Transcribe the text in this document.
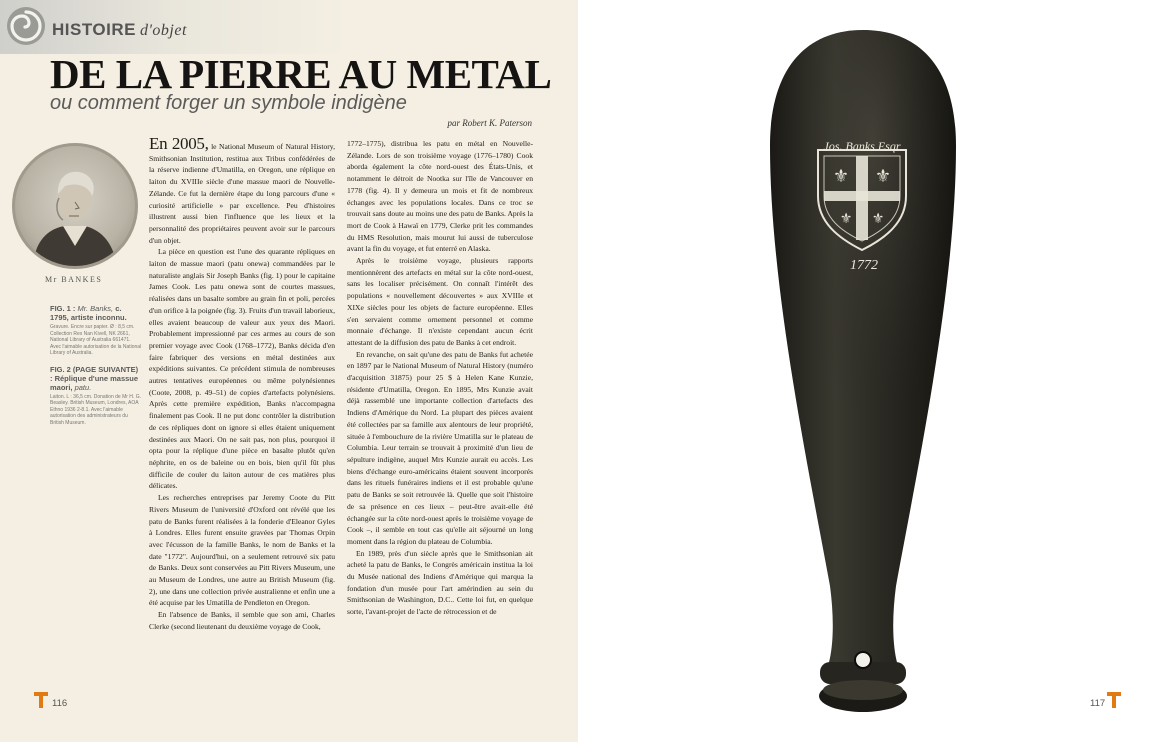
HISTOIRE d'objet
DE LA PIERRE AU METAL
ou comment forger un symbole indigène
par Robert K. Paterson
Mr BANKES
FIG. 1 : Mr. Banks, c. 1795, artiste inconnu.
Gravure. Encre sur papier. Ø : 8,5 cm. Collection Rex Nan Kivell, NK 2661, National Library of Australia 661471. Avec l'aimable autorisation de la National Library of Australia.
FIG. 2 (PAGE SUIVANTE) : Réplique d'une massue maori, patu.
Laiton. L : 36,5 cm. Donation de Mr H. G. Beasley. British Museum, Londres, AOA Ethno 1936 2-8.1. Avec l'aimable autorisation des administrateurs du British Museum.

En 2005, le National Museum of Natural History, Smithsonian Institution, restitua aux Tribus confédérées de la réserve indienne d'Umatilla, en Oregon, une réplique en laiton du XVIIIe siècle d'une massue maori de Nouvelle-Zélande. Ce fut la dernière étape du long parcours d'une « curiosité artificielle » par excellence. Peu d'histoires illustrent aussi bien l'influence que les lieux et la personnalité des propriétaires peuvent avoir sur le parcours d'un objet.

La pièce en question est l'une des quarante répliques en laiton de massue maori (patu onewa) commandées par le naturaliste anglais Sir Joseph Banks (fig. 1) pour le capitaine James Cook. Les patu onewa sont de courtes massues, réalisées dans un basalte sombre au grain fin et poli, percées d'un orifice à la poignée (fig. 3). Fruits d'un travail laborieux, elles avaient beaucoup de valeur aux yeux des Maori. Probablement impressionné par ces armes au cours de son premier voyage avec Cook (1768–1772), Banks décida d'en faire fabriquer des versions en métal destinées aux expéditions suivantes. Ce précédent stimula de nombreuses autres tentatives européennes ou même polynésiennes (Coote, 2008, p. 49–51) de copies d'artefacts polynésiens. Après cette première expédition, Banks n'accompagna finalement pas Cook. Il ne put donc contrôler la distribution de ces répliques dont on ignore si elles étaient uniquement destinées aux Maori. On ne sait pas, non plus, pourquoi il opta pour la réplique d'une pièce en basalte plutôt qu'en néphrite, en os de baleine ou en bois, bien qu'il fût plus difficile de couler du laiton autour de ces matières plus délicates.

Les recherches entreprises par Jeremy Coote du Pitt Rivers Museum de l'université d'Oxford ont révélé que les patu de Banks furent réalisées à la fonderie d'Eleanor Gyles à Londres. Elles furent ensuite gravées par Thomas Orpin avec l'écusson de la famille Banks, le nom de Banks et la date "1772". Aujourd'hui, on a seulement retrouvé six patu de Banks. Deux sont conservées au Pitt Rivers Museum, une au Museum de Londres, une autre au British Museum (fig. 2), une dans une collection privée australienne et enfin une a été acquise par les Umatilla de Pendleton en Oregon.

En l'absence de Banks, il semble que son ami, Charles Clerke (second lieutenant du deuxième voyage de Cook,

1772–1775), distribua les patu en métal en Nouvelle-Zélande. Lors de son troisième voyage (1776–1780) Cook aborda également la côte nord-ouest des États-Unis, et notamment le détroit de Nootka sur l'île de Vancouver en 1778 (fig. 4). Il y demeura un mois et fit de nombreux échanges avec les populations locales. Dans ce troc se trouvait sans doute au moins une des patu de Banks. Après la mort de Cook à Hawaï en 1779, Clerke prit les commandes du HMS Resolution, mais mourut lui aussi de tuberculose avant la fin du voyage, et fut enterré en Alaska.

Après le troisième voyage, plusieurs rapports mentionnèrent des artefacts en métal sur la côte nord-ouest, sans les localiser précisément. On connaît l'intérêt des populations « nouvellement découvertes » aux XVIIIe et XIXe siècles pour les objets de facture européenne. Elles s'en servaient comme ornement personnel et comme monnaie d'échange. Il n'existe cependant aucun écrit attestant de la diffusion des patu de Banks à cet endroit.

En revanche, on sait qu'une des patu de Banks fut achetée en 1897 par le National Museum of Natural History (numéro d'acquisition 31875) pour 25 $ à Helen Kane Kunzie, résidente d'Umatilla, Oregon. En 1895, Mrs Kunzie avait déjà rassemblé une importante collection d'artefacts des Indiens d'Amérique du Nord. La plupart des pièces avaient été collectées par sa famille aux alentours de leur propriété, située à l'embouchure de la rivière Umatilla sur le plateau de Columbia. Leur terrain se trouvait à proximité d'un lieu de sépulture indigène, auquel Mrs Kunzie aurait eu accès. Les biens d'échange euro-américains étaient souvent incorporés dans les rituels funéraires indiens et il est probable qu'une patu de Banks se soit retrouvée là. Quelle que soit l'histoire de sa présence en ces lieux – peut-être avait-elle été échangée sur la côte nord-ouest après le troisième voyage de Cook –, il semble en tout cas qu'elle ait séjourné un long moment dans la région du plateau de Columbia.

En 1989, près d'un siècle après que le Smithsonian ait acheté la patu de Banks, le Congrès américain institua la loi du Musée national des Indiens d'Amérique qui marqua la fondation d'un musée pour l'art amérindien au sein du Smithsonian de Washington, D.C.. Cette loi fut, en quelque sorte, l'avant-projet de l'acte de rétrocession et de

116
⚜ ⚜
⚜ ⚜
Jos. Banks Esqr
1772
117
